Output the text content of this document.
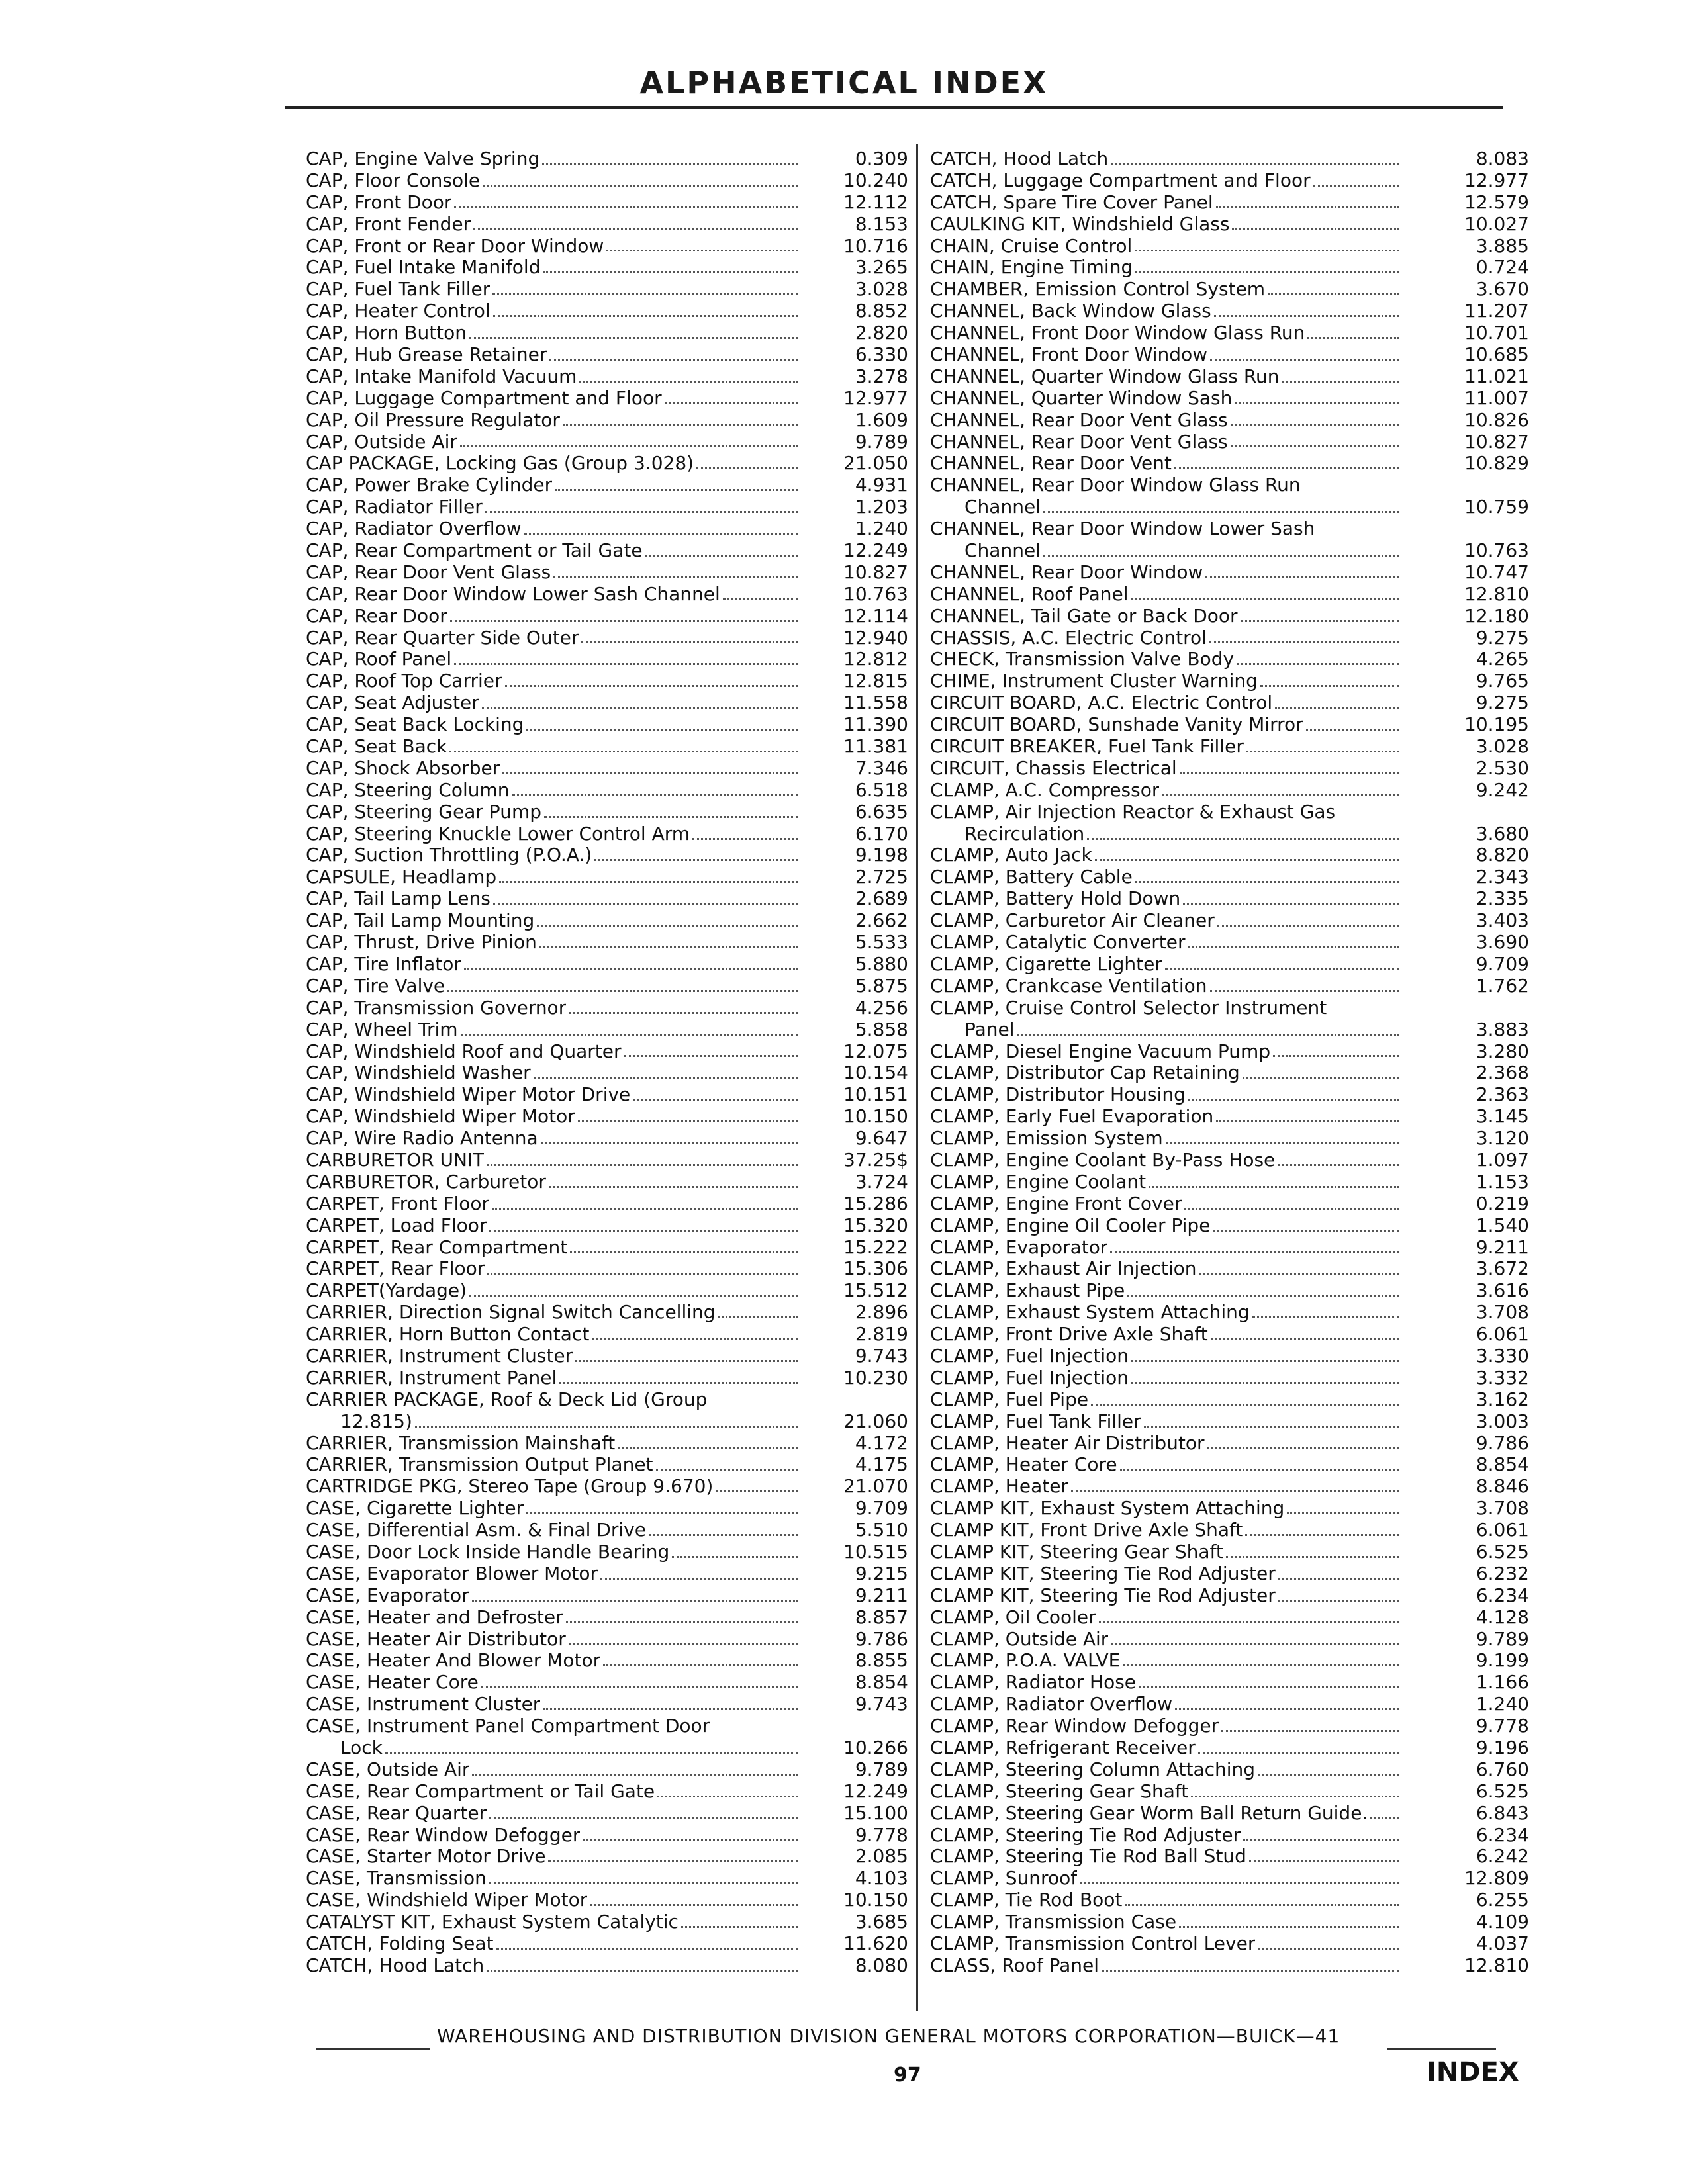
ALPHABETICAL INDEX
CAP, Engine Valve Spring	0.309
CAP, Floor Console	10.240
CAP, Front Door	12.112
CAP, Front Fender	8.153
CAP, Front or Rear Door Window	10.716
CAP, Fuel Intake Manifold	3.265
CAP, Fuel Tank Filler	3.028
CAP, Heater Control	8.852
CAP, Horn Button	2.820
CAP, Hub Grease Retainer	6.330
CAP, Intake Manifold Vacuum	3.278
CAP, Luggage Compartment and Floor	12.977
CAP, Oil Pressure Regulator	1.609
CAP, Outside Air	9.789
CAP PACKAGE, Locking Gas (Group 3.028)	21.050
CAP, Power Brake Cylinder	4.931
CAP, Radiator Filler	1.203
CAP, Radiator Overflow	1.240
CAP, Rear Compartment or Tail Gate	12.249
CAP, Rear Door Vent Glass	10.827
CAP, Rear Door Window Lower Sash Channel	10.763
CAP, Rear Door	12.114
CAP, Rear Quarter Side Outer	12.940
CAP, Roof Panel	12.812
CAP, Roof Top Carrier	12.815
CAP, Seat Adjuster	11.558
CAP, Seat Back Locking	11.390
CAP, Seat Back	11.381
CAP, Shock Absorber	7.346
CAP, Steering Column	6.518
CAP, Steering Gear Pump	6.635
CAP, Steering Knuckle Lower Control Arm	6.170
CAP, Suction Throttling (P.O.A.)	9.198
CAPSULE, Headlamp	2.725
CAP, Tail Lamp Lens	2.689
CAP, Tail Lamp Mounting	2.662
CAP, Thrust, Drive Pinion	5.533
CAP, Tire Inflator	5.880
CAP, Tire Valve	5.875
CAP, Transmission Governor	4.256
CAP, Wheel Trim	5.858
CAP, Windshield Roof and Quarter	12.075
CAP, Windshield Washer	10.154
CAP, Windshield Wiper Motor Drive	10.151
CAP, Windshield Wiper Motor	10.150
CAP, Wire Radio Antenna	9.647
CARBURETOR UNIT	37.25$
CARBURETOR, Carburetor	3.724
CARPET, Front Floor	15.286
CARPET, Load Floor	15.320
CARPET, Rear Compartment	15.222
CARPET, Rear Floor	15.306
CARPET(Yardage)	15.512
CARRIER, Direction Signal Switch Cancelling	2.896
CARRIER, Horn Button Contact	2.819
CARRIER, Instrument Cluster	9.743
CARRIER, Instrument Panel	10.230
CARRIER PACKAGE, Roof & Deck Lid (Group
12.815)	21.060
CARRIER, Transmission Mainshaft	4.172
CARRIER, Transmission Output Planet	4.175
CARTRIDGE PKG, Stereo Tape (Group 9.670)	21.070
CASE, Cigarette Lighter	9.709
CASE, Differential Asm. & Final Drive	5.510
CASE, Door Lock Inside Handle Bearing	10.515
CASE, Evaporator Blower Motor	9.215
CASE, Evaporator	9.211
CASE, Heater and Defroster	8.857
CASE, Heater Air Distributor	9.786
CASE, Heater And Blower Motor	8.855
CASE, Heater Core	8.854
CASE, Instrument Cluster	9.743
CASE, Instrument Panel Compartment Door
Lock	10.266
CASE, Outside Air	9.789
CASE, Rear Compartment or Tail Gate	12.249
CASE, Rear Quarter	15.100
CASE, Rear Window Defogger	9.778
CASE, Starter Motor Drive	2.085
CASE, Transmission	4.103
CASE, Windshield Wiper Motor	10.150
CATALYST KIT, Exhaust System Catalytic	3.685
CATCH, Folding Seat	11.620
CATCH, Hood Latch	8.080
CATCH, Hood Latch	8.083
CATCH, Luggage Compartment and Floor	12.977
CATCH, Spare Tire Cover Panel	12.579
CAULKING KIT, Windshield Glass	10.027
CHAIN, Cruise Control	3.885
CHAIN, Engine Timing	0.724
CHAMBER, Emission Control System	3.670
CHANNEL, Back Window Glass	11.207
CHANNEL, Front Door Window Glass Run	10.701
CHANNEL, Front Door Window	10.685
CHANNEL, Quarter Window Glass Run	11.021
CHANNEL, Quarter Window Sash	11.007
CHANNEL, Rear Door Vent Glass	10.826
CHANNEL, Rear Door Vent Glass	10.827
CHANNEL, Rear Door Vent	10.829
CHANNEL, Rear Door Window Glass Run
Channel	10.759
CHANNEL, Rear Door Window Lower Sash
Channel	10.763
CHANNEL, Rear Door Window	10.747
CHANNEL, Roof Panel	12.810
CHANNEL, Tail Gate or Back Door	12.180
CHASSIS, A.C. Electric Control	9.275
CHECK, Transmission Valve Body	4.265
CHIME, Instrument Cluster Warning	9.765
CIRCUIT BOARD, A.C. Electric Control	9.275
CIRCUIT BOARD, Sunshade Vanity Mirror	10.195
CIRCUIT BREAKER, Fuel Tank Filler	3.028
CIRCUIT, Chassis Electrical	2.530
CLAMP, A.C. Compressor	9.242
CLAMP, Air Injection Reactor & Exhaust Gas
Recirculation	3.680
CLAMP, Auto Jack	8.820
CLAMP, Battery Cable	2.343
CLAMP, Battery Hold Down	2.335
CLAMP, Carburetor Air Cleaner	3.403
CLAMP, Catalytic Converter	3.690
CLAMP, Cigarette Lighter	9.709
CLAMP, Crankcase Ventilation	1.762
CLAMP, Cruise Control Selector Instrument
Panel	3.883
CLAMP, Diesel Engine Vacuum Pump	3.280
CLAMP, Distributor Cap Retaining	2.368
CLAMP, Distributor Housing	2.363
CLAMP, Early Fuel Evaporation	3.145
CLAMP, Emission System	3.120
CLAMP, Engine Coolant By-Pass Hose	1.097
CLAMP, Engine Coolant	1.153
CLAMP, Engine Front Cover	0.219
CLAMP, Engine Oil Cooler Pipe	1.540
CLAMP, Evaporator	9.211
CLAMP, Exhaust Air Injection	3.672
CLAMP, Exhaust Pipe	3.616
CLAMP, Exhaust System Attaching	3.708
CLAMP, Front Drive Axle Shaft	6.061
CLAMP, Fuel Injection	3.330
CLAMP, Fuel Injection	3.332
CLAMP, Fuel Pipe	3.162
CLAMP, Fuel Tank Filler	3.003
CLAMP, Heater Air Distributor	9.786
CLAMP, Heater Core	8.854
CLAMP, Heater	8.846
CLAMP KIT, Exhaust System Attaching	3.708
CLAMP KIT, Front Drive Axle Shaft	6.061
CLAMP KIT, Steering Gear Shaft	6.525
CLAMP KIT, Steering Tie Rod Adjuster	6.232
CLAMP KIT, Steering Tie Rod Adjuster	6.234
CLAMP, Oil Cooler	4.128
CLAMP, Outside Air	9.789
CLAMP, P.O.A. VALVE	9.199
CLAMP, Radiator Hose	1.166
CLAMP, Radiator Overflow	1.240
CLAMP, Rear Window Defogger	9.778
CLAMP, Refrigerant Receiver	9.196
CLAMP, Steering Column Attaching	6.760
CLAMP, Steering Gear Shaft	6.525
CLAMP, Steering Gear Worm Ball Return Guide.	6.843
CLAMP, Steering Tie Rod Adjuster	6.234
CLAMP, Steering Tie Rod Ball Stud	6.242
CLAMP, Sunroof	12.809
CLAMP, Tie Rod Boot	6.255
CLAMP, Transmission Case	4.109
CLAMP, Transmission Control Lever	4.037
CLASS, Roof Panel	12.810
WAREHOUSING AND DISTRIBUTION DIVISION GENERAL MOTORS CORPORATION—BUICK—41
97	INDEX
